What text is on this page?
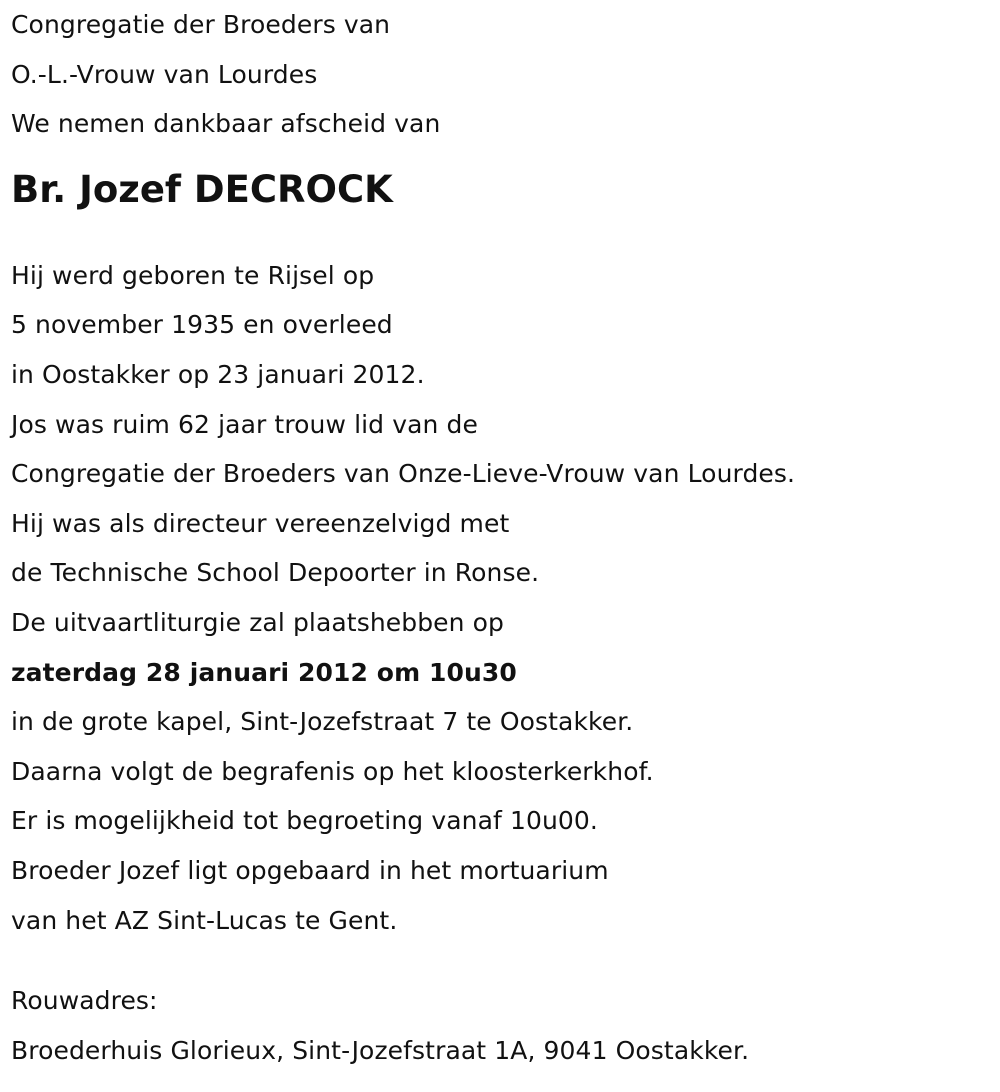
Congregatie der Broeders van
O.-L.-Vrouw van Lourdes
We nemen dankbaar afscheid van
Br. Jozef DECROCK
Hij werd geboren te Rijsel op
5 november 1935 en overleed
in Oostakker op 23 januari 2012.
Jos was ruim 62 jaar trouw lid van de
Congregatie der Broeders van Onze-Lieve-Vrouw van Lourdes.
Hij was als directeur vereenzelvigd met
de Technische School Depoorter in Ronse.
De uitvaartliturgie zal plaatshebben op
zaterdag 28 januari 2012 om 10u30
in de grote kapel, Sint-Jozefstraat 7 te Oostakker.
Daarna volgt de begrafenis op het kloosterkerkhof.
Er is mogelijkheid tot begroeting vanaf 10u00.
Broeder Jozef ligt opgebaard in het mortuarium
van het AZ Sint-Lucas te Gent.
Rouwadres:
Broederhuis Glorieux, Sint-Jozefstraat 1A, 9041 Oostakker.
